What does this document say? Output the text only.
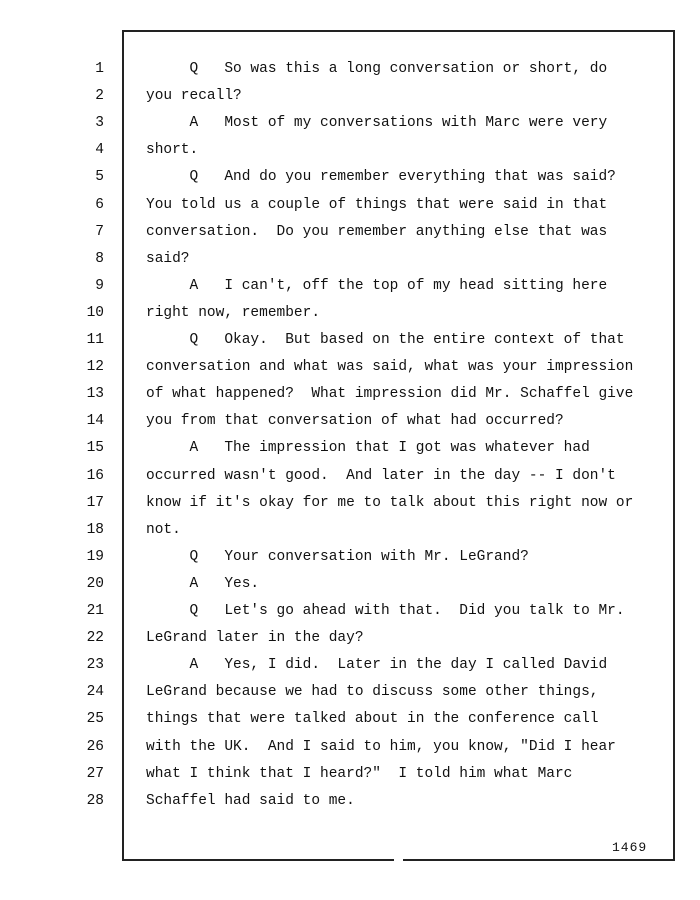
1	Q   So was this a long conversation or short, do
2	you recall?
3	A   Most of my conversations with Marc were very
4	short.
5	Q   And do you remember everything that was said?
6	You told us a couple of things that were said in that
7	conversation.  Do you remember anything else that was
8	said?
9	A   I can't, off the top of my head sitting here
10	right now, remember.
11	Q   Okay.  But based on the entire context of that
12	conversation and what was said, what was your impression
13	of what happened?  What impression did Mr. Schaffel give
14	you from that conversation of what had occurred?
15	A   The impression that I got was whatever had
16	occurred wasn't good.  And later in the day -- I don't
17	know if it's okay for me to talk about this right now or
18	not.
19	Q   Your conversation with Mr. LeGrand?
20	A   Yes.
21	Q   Let's go ahead with that.  Did you talk to Mr.
22	LeGrand later in the day?
23	A   Yes, I did.  Later in the day I called David
24	LeGrand because we had to discuss some other things,
25	things that were talked about in the conference call
26	with the UK.  And I said to him, you know, "Did I hear
27	what I think that I heard?"  I told him what Marc
28	Schaffel had said to me.
1469
